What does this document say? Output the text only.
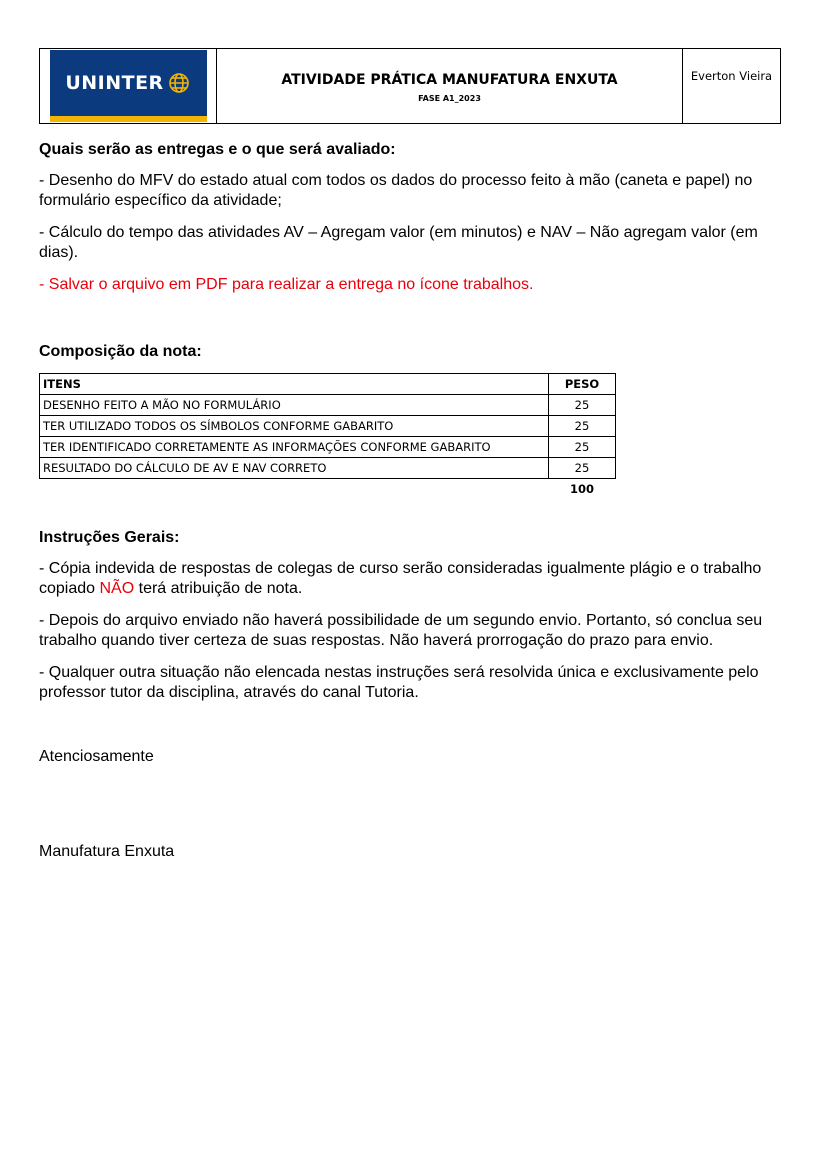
UNINTER	ATIVIDADE PRÁTICA MANUFATURA ENXUTA
FASE A1_2023
Everton Vieira

Quais serão as entregas e o que será avaliado:

- Desenho do MFV do estado atual com todos os dados do processo feito à mão (caneta e papel) no formulário específico da atividade;

- Cálculo do tempo das atividades AV – Agregam valor (em minutos) e NAV – Não agregam valor (em dias).

- Salvar o arquivo em PDF para realizar a entrega no ícone trabalhos.

Composição da nota:

ITENS	PESO
DESENHO FEITO A MÃO NO FORMULÁRIO	25
TER UTILIZADO TODOS OS SÍMBOLOS CONFORME GABARITO	25
TER IDENTIFICADO CORRETAMENTE AS INFORMAÇÕES CONFORME GABARITO	25
RESULTADO DO CÁLCULO DE AV E NAV CORRETO	25
	100

Instruções Gerais:

- Cópia indevida de respostas de colegas de curso serão consideradas igualmente plágio e o trabalho copiado NÃO terá atribuição de nota.

- Depois do arquivo enviado não haverá possibilidade de um segundo envio. Portanto, só conclua seu trabalho quando tiver certeza de suas respostas. Não haverá prorrogação do prazo para envio.

- Qualquer outra situação não elencada nestas instruções será resolvida única e exclusivamente pelo professor tutor da disciplina, através do canal Tutoria.

Atenciosamente

Manufatura Enxuta
